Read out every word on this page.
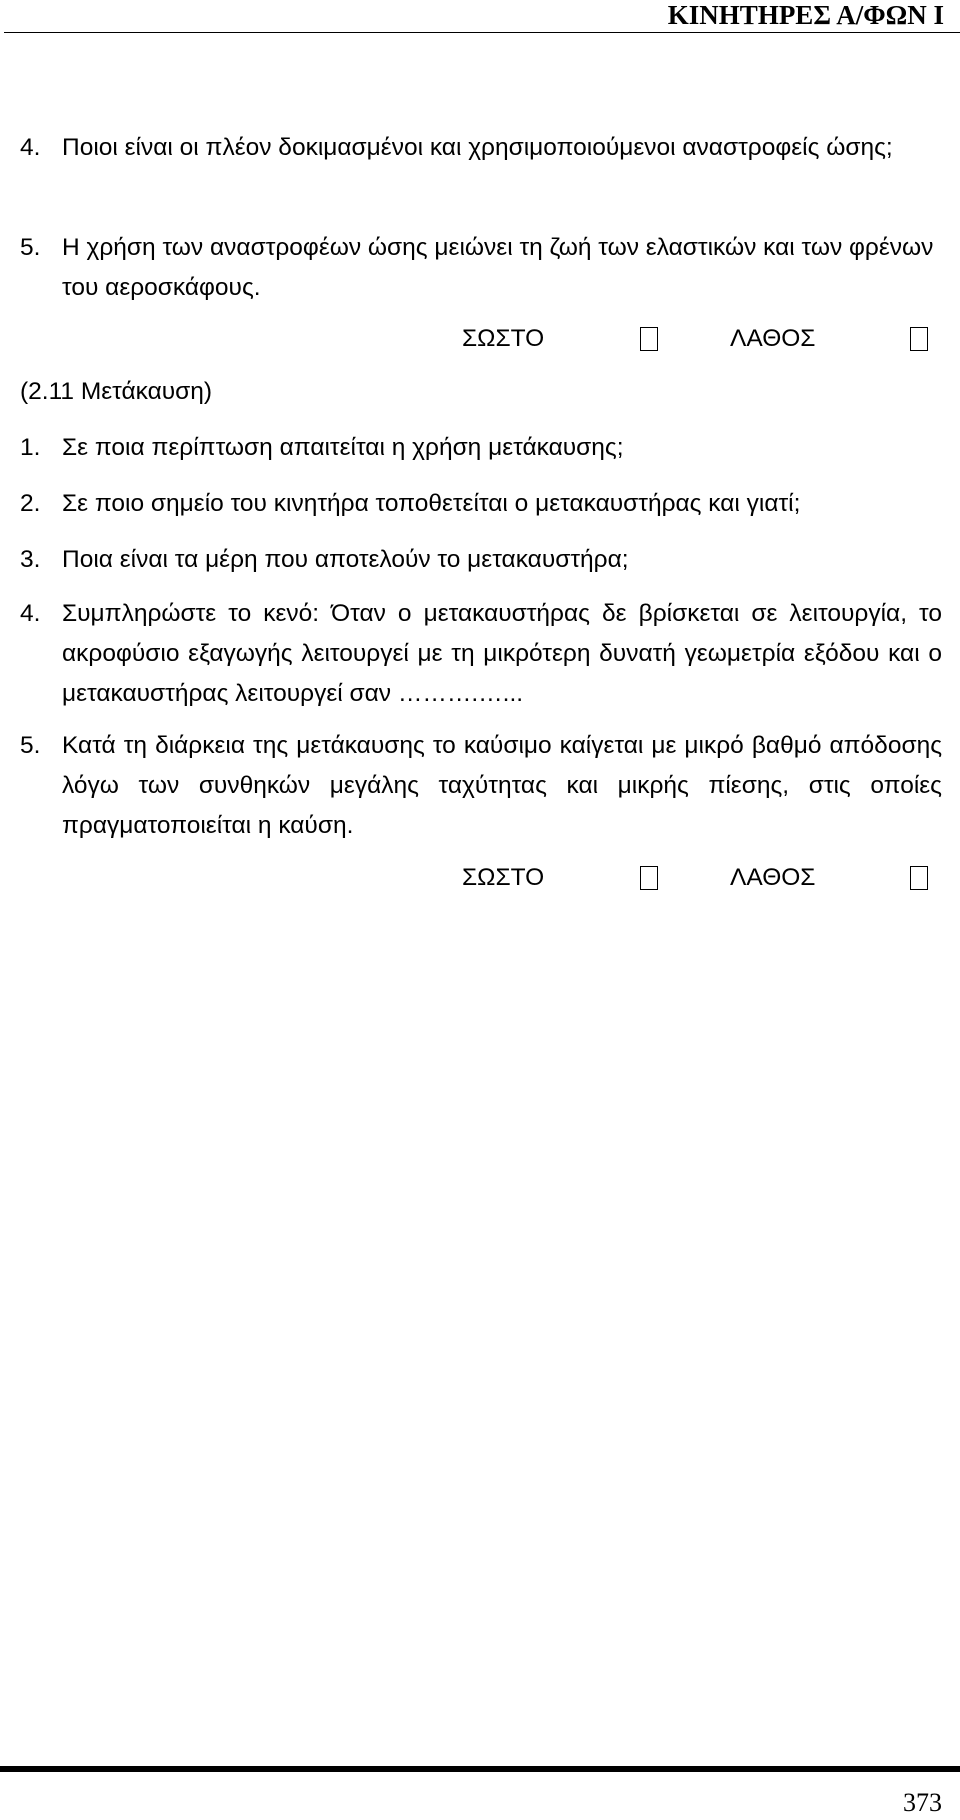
ΚΙΝΗΤΗΡΕΣ Α/ΦΩΝ Ι
4. Ποιοι είναι οι πλέον δοκιμασμένοι και χρησιμοποιούμενοι αναστροφείς ώσης;
5. Η χρήση των αναστροφέων ώσης μειώνει τη ζωή των ελαστικών και των φρένων του αεροσκάφους.
ΣΩΣΤΟ	ΛΑΘΟΣ
(2.11 Μετάκαυση)
1. Σε ποια περίπτωση απαιτείται η χρήση μετάκαυσης;
2. Σε ποιο σημείο του κινητήρα τοποθετείται ο μετακαυστήρας και γιατί;
3. Ποια είναι τα μέρη που αποτελούν το μετακαυστήρα;
4. Συμπληρώστε το κενό: Όταν ο μετακαυστήρας δε βρίσκεται σε λειτουργία, το ακροφύσιο εξαγωγής λειτουργεί με τη μικρότερη δυνατή γεωμετρία εξόδου και ο μετακαυστήρας λειτουργεί σαν ……….…...
5. Κατά τη διάρκεια της μετάκαυσης το καύσιμο καίγεται με μικρό βαθμό απόδοσης λόγω των συνθηκών μεγάλης ταχύτητας και μικρής πίεσης, στις οποίες πραγματοποιείται η καύση.
ΣΩΣΤΟ	ΛΑΘΟΣ
373
